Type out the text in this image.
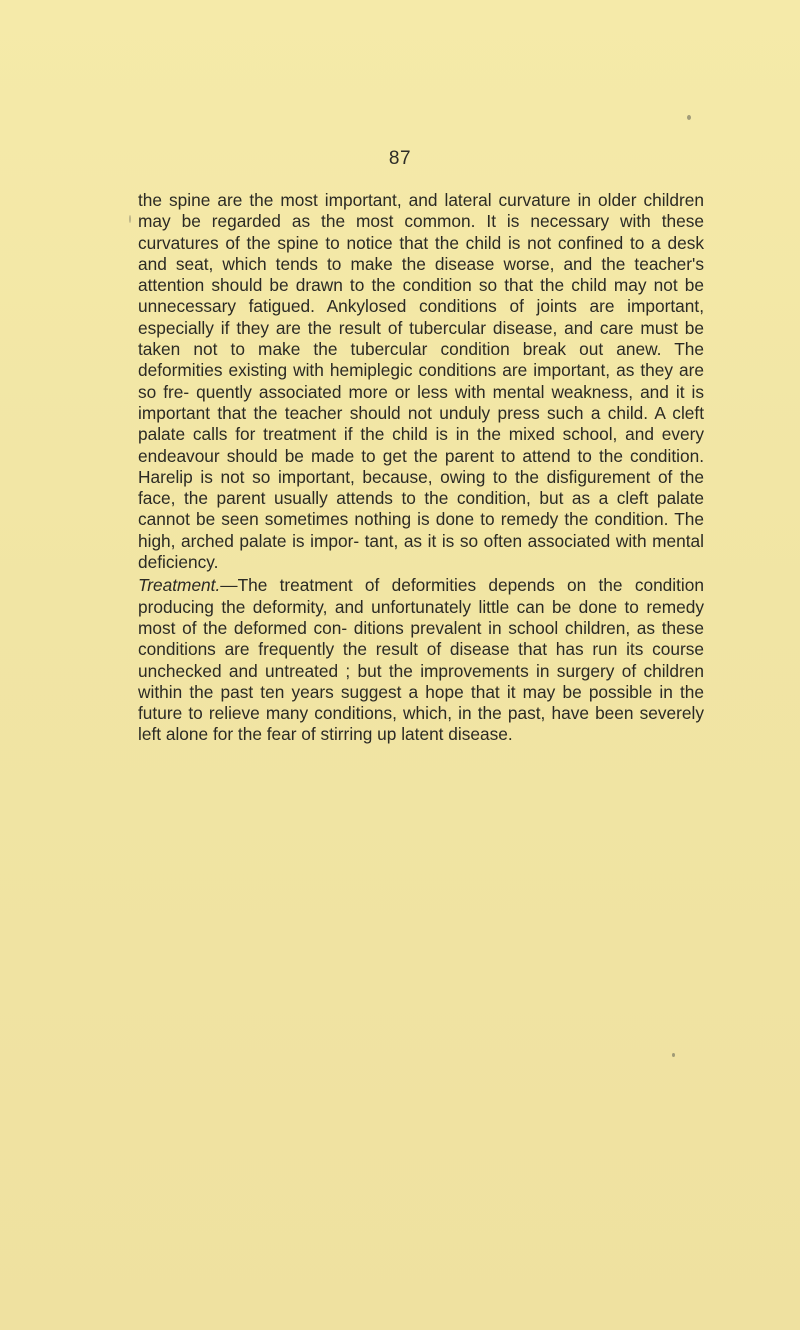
87

the spine are the most important, and lateral curvature in older children may be regarded as the most common. It is necessary with these curvatures of the spine to notice that the child is not confined to a desk and seat, which tends to make the disease worse, and the teacher's attention should be drawn to the condition so that the child may not be unnecessary fatigued. Ankylosed conditions of joints are important, especially if they are the result of tubercular disease, and care must be taken not to make the tubercular condition break out anew. The deformities existing with hemiplegic conditions are important, as they are so fre- quently associated more or less with mental weakness, and it is important that the teacher should not unduly press such a child. A cleft palate calls for treatment if the child is in the mixed school, and every endeavour should be made to get the parent to attend to the condition. Harelip is not so important, because, owing to the disfigurement of the face, the parent usually attends to the condition, but as a cleft palate cannot be seen sometimes nothing is done to remedy the condition. The high, arched palate is impor- tant, as it is so often associated with mental deficiency.

Treatment.—The treatment of deformities depends on the condition producing the deformity, and unfortunately little can be done to remedy most of the deformed con- ditions prevalent in school children, as these conditions are frequently the result of disease that has run its course unchecked and untreated ; but the improvements in surgery of children within the past ten years suggest a hope that it may be possible in the future to relieve many conditions, which, in the past, have been severely left alone for the fear of stirring up latent disease.
